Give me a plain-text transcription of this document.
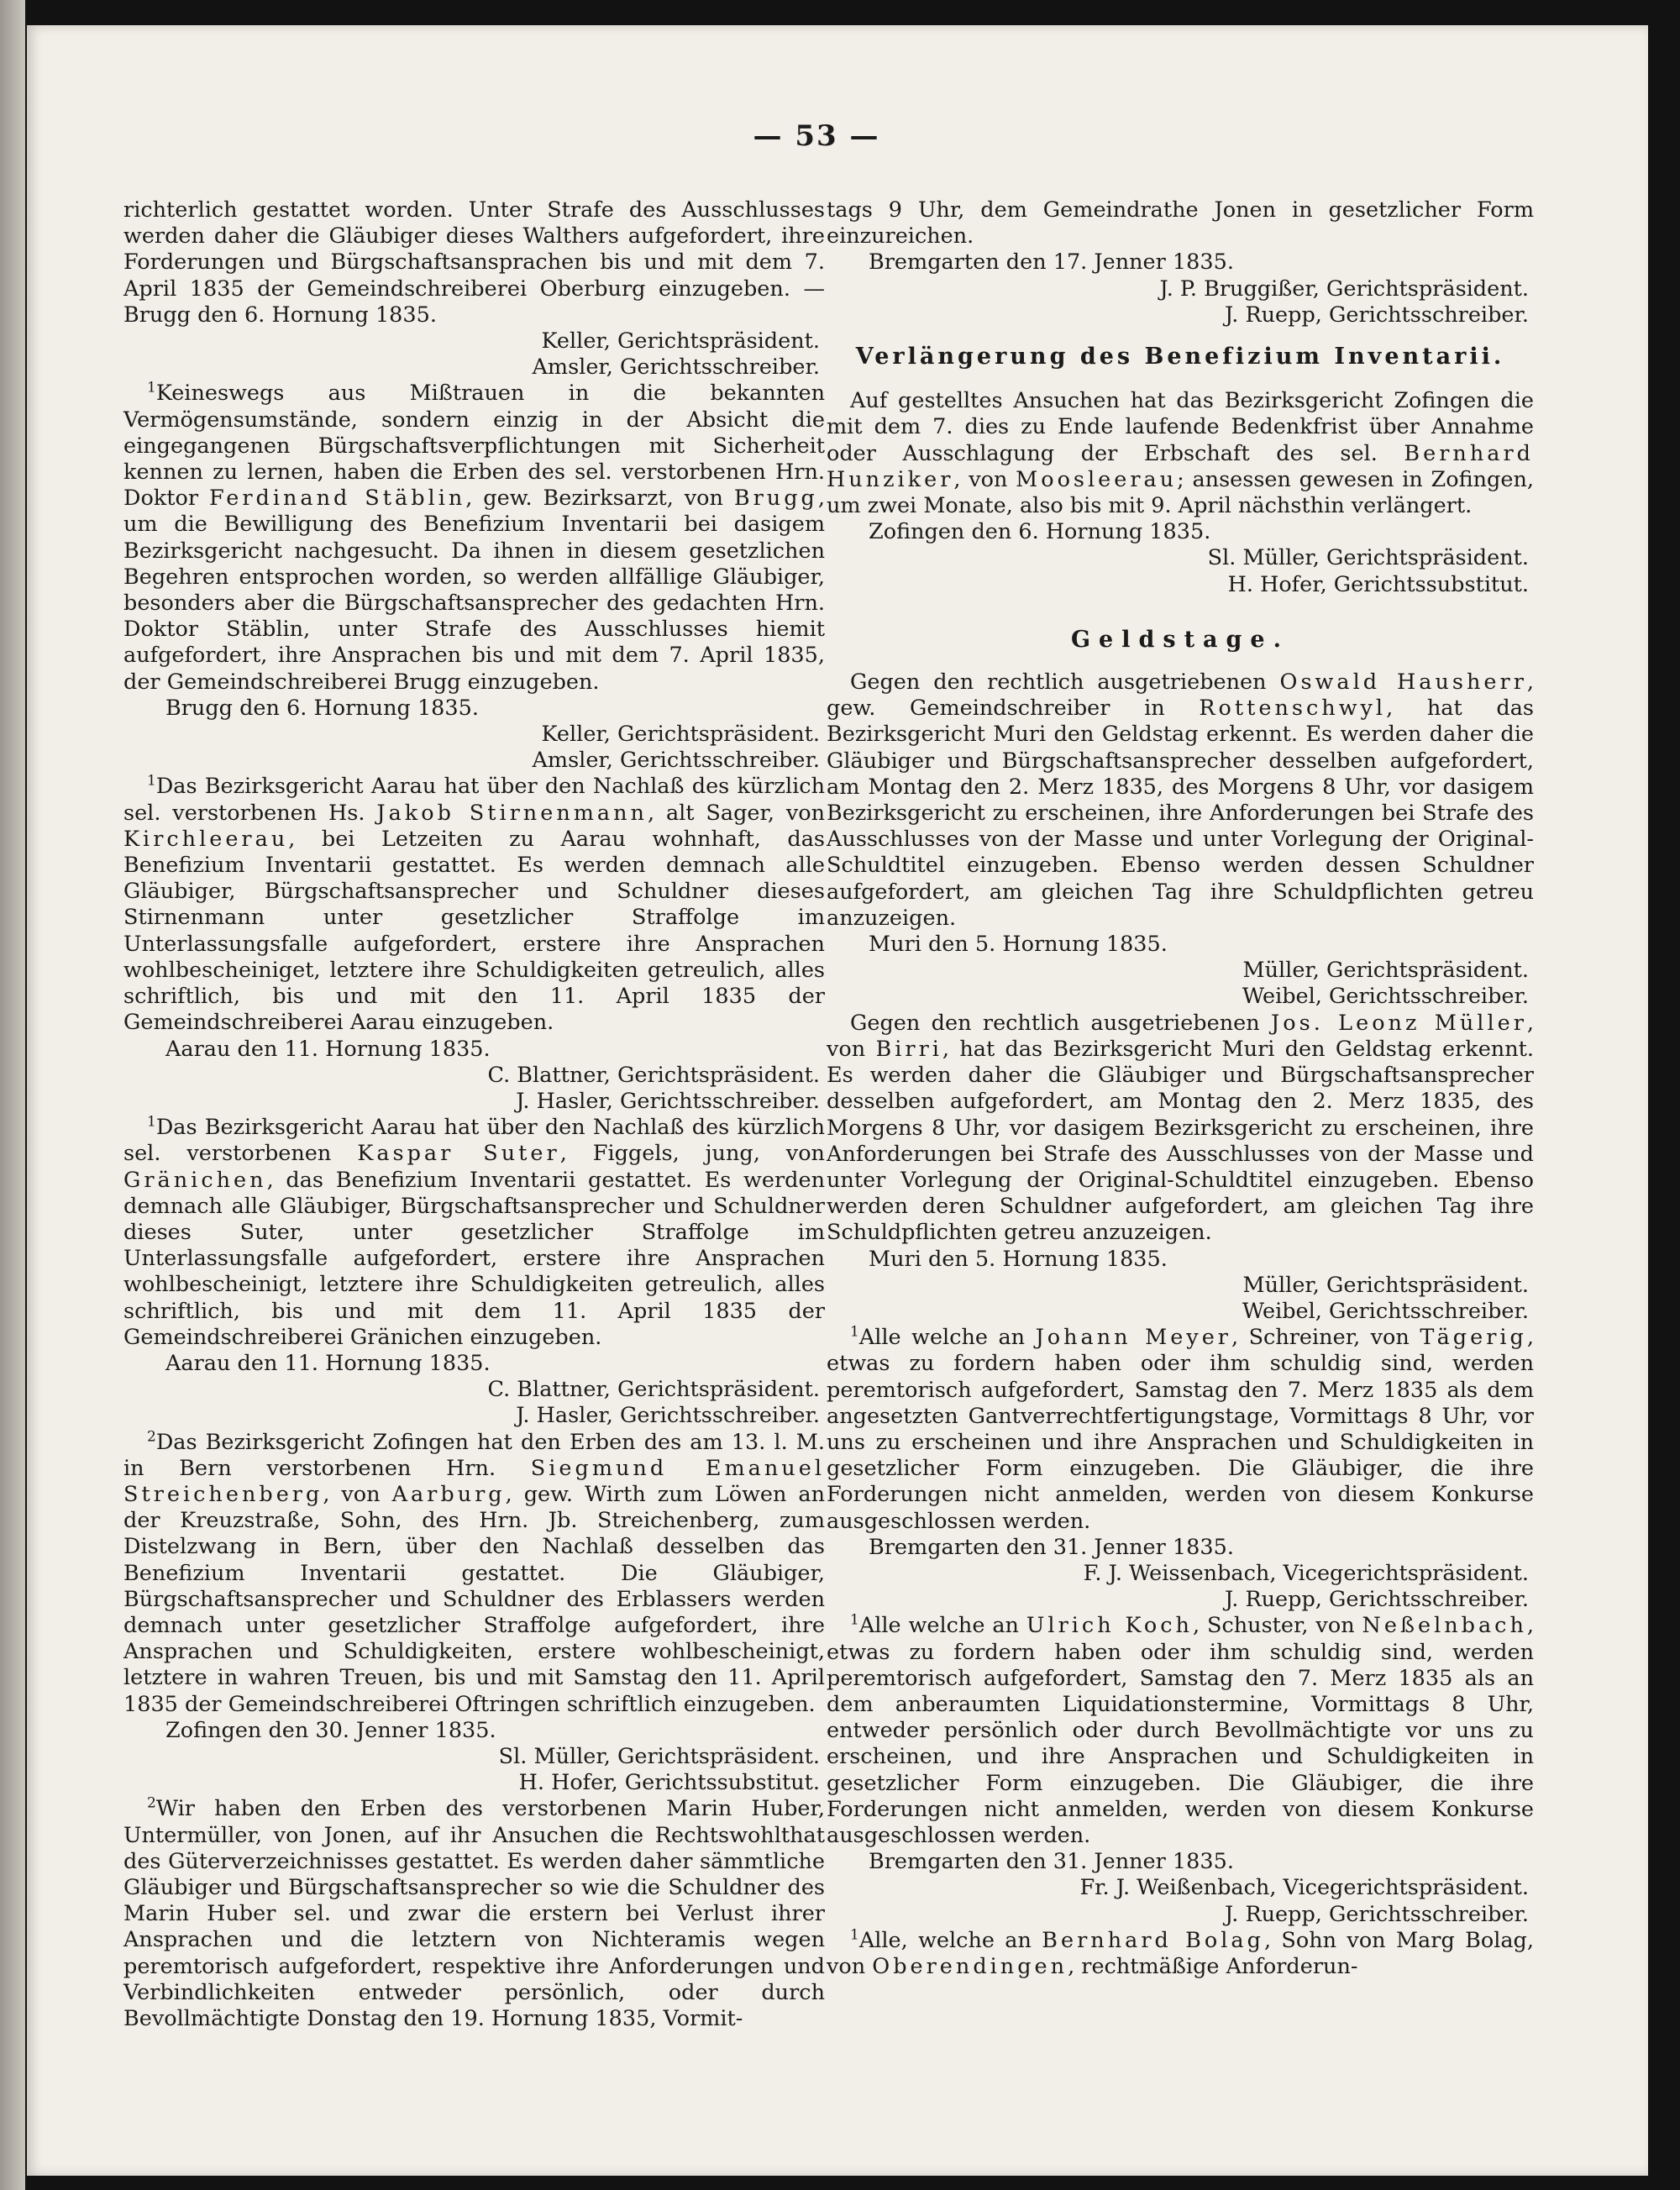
— 53 —

richterlich gestattet worden. Unter Strafe des Ausschlusses werden daher die Gläubiger dieses Walthers aufgefordert, ihre Forderungen und Bürgschaftsansprachen bis und mit dem 7. April 1835 der Gemeindschreiberei Oberburg einzugeben. — Brugg den 6. Hornung 1835.

Keller, Gerichtspräsident.

Amsler, Gerichtsschreiber.

$^1$Keineswegs aus Mißtrauen in die bekannten Vermögensumstände, sondern einzig in der Absicht die eingegangenen Bürgschaftsverpflichtungen mit Sicherheit kennen zu lernen, haben die Erben des sel. verstorbenen Hrn. Doktor Ferdinand Stäblin, gew. Bezirksarzt, von Brugg, um die Bewilligung des Benefizium Inventarii bei dasigem Bezirksgericht nachgesucht. Da ihnen in diesem gesetzlichen Begehren entsprochen worden, so werden allfällige Gläubiger, besonders aber die Bürgschaftsansprecher des gedachten Hrn. Doktor Stäblin, unter Strafe des Ausschlusses hiemit aufgefordert, ihre Ansprachen bis und mit dem 7. April 1835, der Gemeindschreiberei Brugg einzugeben.

Brugg den 6. Hornung 1835.

Keller, Gerichtspräsident.

Amsler, Gerichtsschreiber.

$^1$Das Bezirksgericht Aarau hat über den Nachlaß des kürzlich sel. verstorbenen Hs. Jakob Stirnenmann, alt Sager, von Kirchleerau, bei Letzeiten zu Aarau wohnhaft, das Benefizium Inventarii gestattet. Es werden demnach alle Gläubiger, Bürgschaftsansprecher und Schuldner dieses Stirnenmann unter gesetzlicher Straffolge im Unterlassungsfalle aufgefordert, erstere ihre Ansprachen wohlbescheiniget, letztere ihre Schuldigkeiten getreulich, alles schriftlich, bis und mit den 11. April 1835 der Gemeindschreiberei Aarau einzugeben.

Aarau den 11. Hornung 1835.

C. Blattner, Gerichtspräsident.

J. Hasler, Gerichtsschreiber.

$^1$Das Bezirksgericht Aarau hat über den Nachlaß des kürzlich sel. verstorbenen Kaspar Suter, Figgels, jung, von Gränichen, das Benefizium Inventarii gestattet. Es werden demnach alle Gläubiger, Bürgschaftsansprecher und Schuldner dieses Suter, unter gesetzlicher Straffolge im Unterlassungsfalle aufgefordert, erstere ihre Ansprachen wohlbescheinigt, letztere ihre Schuldigkeiten getreulich, alles schriftlich, bis und mit dem 11. April 1835 der Gemeindschreiberei Gränichen einzugeben.

Aarau den 11. Hornung 1835.

C. Blattner, Gerichtspräsident.

J. Hasler, Gerichtsschreiber.

$^2$Das Bezirksgericht Zofingen hat den Erben des am 13. l. M. in Bern verstorbenen Hrn. Siegmund Emanuel Streichenberg, von Aarburg, gew. Wirth zum Löwen an der Kreuzstraße, Sohn, des Hrn. Jb. Streichenberg, zum Distelzwang in Bern, über den Nachlaß desselben das Benefizium Inventarii gestattet. Die Gläubiger, Bürgschaftsansprecher und Schuldner des Erblassers werden demnach unter gesetzlicher Straffolge aufgefordert, ihre Ansprachen und Schuldigkeiten, erstere wohlbescheinigt, letztere in wahren Treuen, bis und mit Samstag den 11. April 1835 der Gemeindschreiberei Oftringen schriftlich einzugeben.

Zofingen den 30. Jenner 1835.

Sl. Müller, Gerichtspräsident.

H. Hofer, Gerichtssubstitut.

$^2$Wir haben den Erben des verstorbenen Marin Huber, Untermüller, von Jonen, auf ihr Ansuchen die Rechtswohlthat des Güterverzeichnisses gestattet. Es werden daher sämmtliche Gläubiger und Bürgschaftsansprecher so wie die Schuldner des Marin Huber sel. und zwar die erstern bei Verlust ihrer Ansprachen und die letztern von Nichteramis wegen peremtorisch aufgefordert, respektive ihre Anforderungen und Verbindlichkeiten entweder persönlich, oder durch Bevollmächtigte Donstag den 19. Hornung 1835, Vormit-

tags 9 Uhr, dem Gemeindrathe Jonen in gesetzlicher Form einzureichen.

Bremgarten den 17. Jenner 1835.

J. P. Bruggißer, Gerichtspräsident.

J. Ruepp, Gerichtsschreiber.

Verlängerung des Benefizium Inventarii.

Auf gestelltes Ansuchen hat das Bezirksgericht Zofingen die mit dem 7. dies zu Ende laufende Bedenkfrist über Annahme oder Ausschlagung der Erbschaft des sel. Bernhard Hunziker, von Moosleerau; ansessen gewesen in Zofingen, um zwei Monate, also bis mit 9. April nächsthin verlängert.

Zofingen den 6. Hornung 1835.

Sl. Müller, Gerichtspräsident.

H. Hofer, Gerichtssubstitut.

Geldstage.

Gegen den rechtlich ausgetriebenen Oswald Hausherr, gew. Gemeindschreiber in Rottenschwyl, hat das Bezirksgericht Muri den Geldstag erkennt. Es werden daher die Gläubiger und Bürgschaftsansprecher desselben aufgefordert, am Montag den 2. Merz 1835, des Morgens 8 Uhr, vor dasigem Bezirksgericht zu erscheinen, ihre Anforderungen bei Strafe des Ausschlusses von der Masse und unter Vorlegung der Original-Schuldtitel einzugeben. Ebenso werden dessen Schuldner aufgefordert, am gleichen Tag ihre Schuldpflichten getreu anzuzeigen.

Muri den 5. Hornung 1835.

Müller, Gerichtspräsident.

Weibel, Gerichtsschreiber.

Gegen den rechtlich ausgetriebenen Jos. Leonz Müller, von Birri, hat das Bezirksgericht Muri den Geldstag erkennt. Es werden daher die Gläubiger und Bürgschaftsansprecher desselben aufgefordert, am Montag den 2. Merz 1835, des Morgens 8 Uhr, vor dasigem Bezirksgericht zu erscheinen, ihre Anforderungen bei Strafe des Ausschlusses von der Masse und unter Vorlegung der Original-Schuldtitel einzugeben. Ebenso werden deren Schuldner aufgefordert, am gleichen Tag ihre Schuldpflichten getreu anzuzeigen.

Muri den 5. Hornung 1835.

Müller, Gerichtspräsident.

Weibel, Gerichtsschreiber.

$^1$Alle welche an Johann Meyer, Schreiner, von Tägerig, etwas zu fordern haben oder ihm schuldig sind, werden peremtorisch aufgefordert, Samstag den 7. Merz 1835 als dem angesetzten Gantverrechtfertigungstage, Vormittags 8 Uhr, vor uns zu erscheinen und ihre Ansprachen und Schuldigkeiten in gesetzlicher Form einzugeben. Die Gläubiger, die ihre Forderungen nicht anmelden, werden von diesem Konkurse ausgeschlossen werden.

Bremgarten den 31. Jenner 1835.

F. J. Weissenbach, Vicegerichtspräsident.

J. Ruepp, Gerichtsschreiber.

$^1$Alle welche an Ulrich Koch, Schuster, von Neßelnbach, etwas zu fordern haben oder ihm schuldig sind, werden peremtorisch aufgefordert, Samstag den 7. Merz 1835 als an dem anberaumten Liquidationstermine, Vormittags 8 Uhr, entweder persönlich oder durch Bevollmächtigte vor uns zu erscheinen, und ihre Ansprachen und Schuldigkeiten in gesetzlicher Form einzugeben. Die Gläubiger, die ihre Forderungen nicht anmelden, werden von diesem Konkurse ausgeschlossen werden.

Bremgarten den 31. Jenner 1835.

Fr. J. Weißenbach, Vicegerichtspräsident.

J. Ruepp, Gerichtsschreiber.

$^1$Alle, welche an Bernhard Bolag, Sohn von Marg Bolag, von Oberendingen, rechtmäßige Anforderun-
